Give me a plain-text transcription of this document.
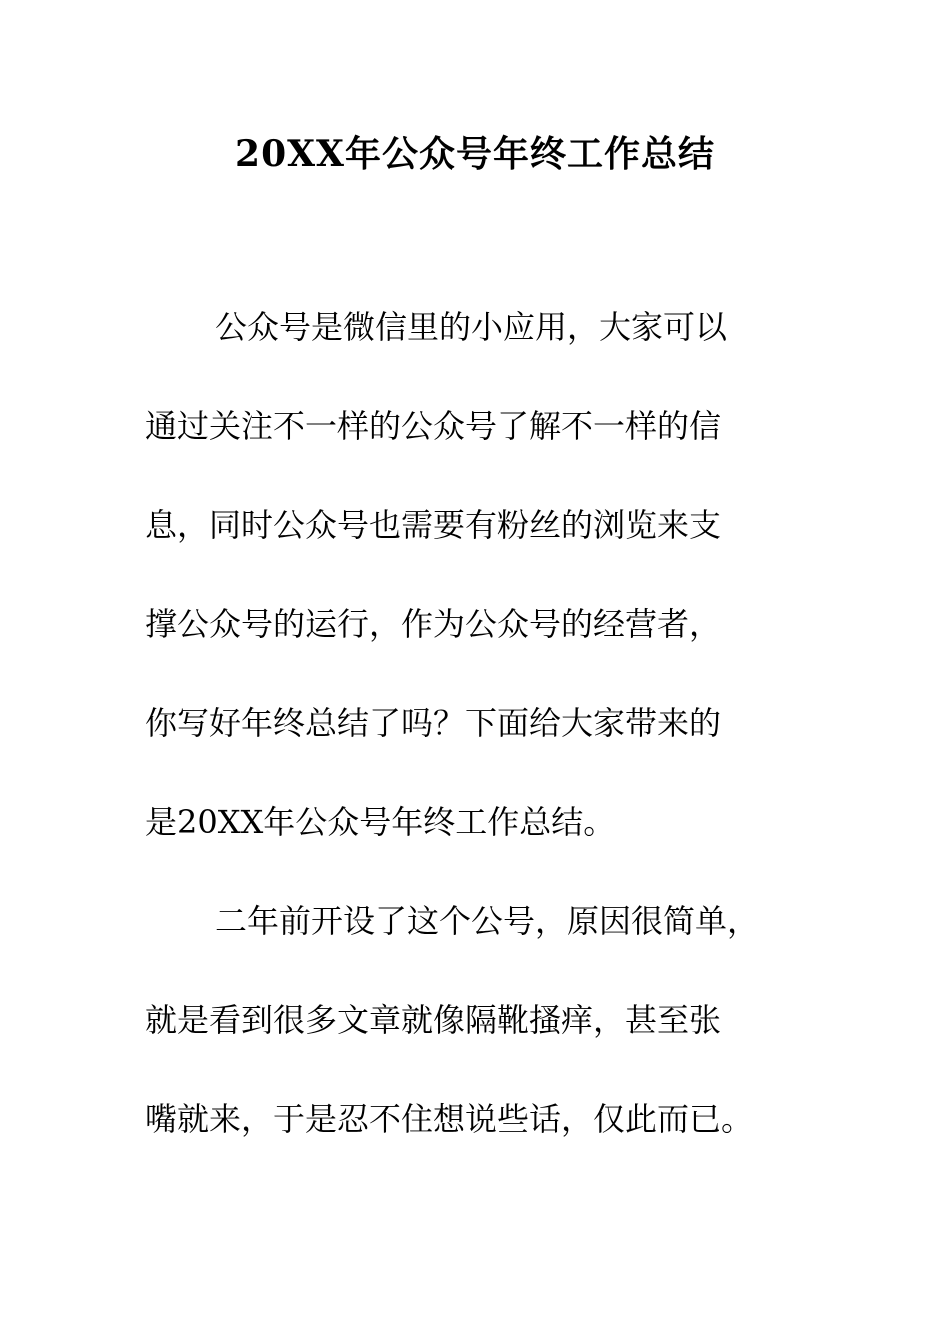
20XX年公众号年终工作总结
公众号是微信里的小应用，大家可以
通过关注不一样的公众号了解不一样的信
息，同时公众号也需要有粉丝的浏览来支
撑公众号的运行，作为公众号的经营者，
你写好年终总结了吗？下面给大家带来的
是20XX年公众号年终工作总结。
二年前开设了这个公号，原因很简单，
就是看到很多文章就像隔靴搔痒，甚至张
嘴就来，于是忍不住想说些话，仅此而已。
